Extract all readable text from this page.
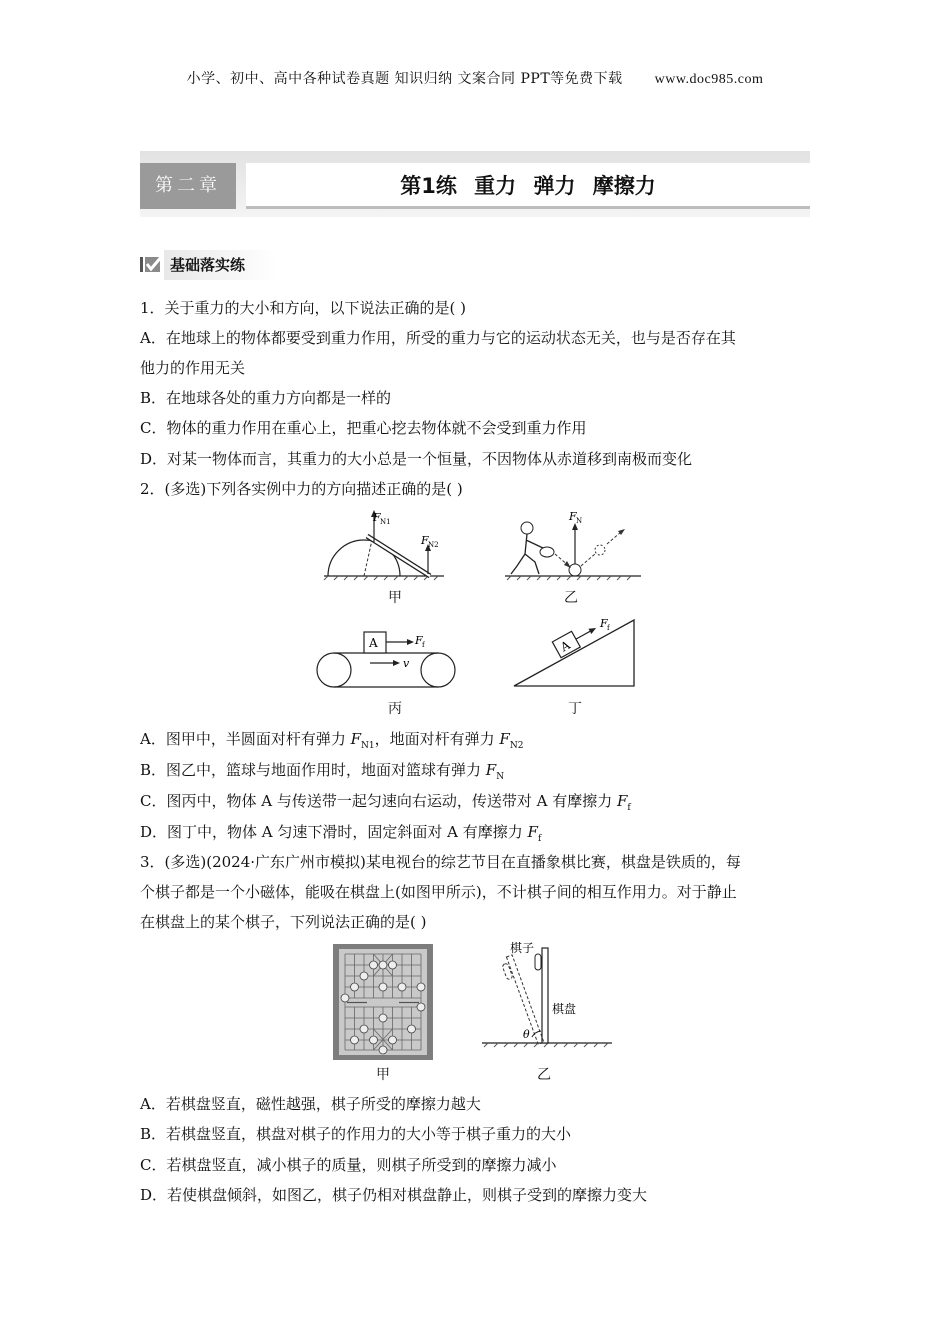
小学、初中、高中各种试卷真题 知识归纳 文案合同 PPT等免费下载 www.doc985.com
第二章	第1练 重力 弹力 摩擦力
基础落实练
1．关于重力的大小和方向，以下说法正确的是( )
A．在地球上的物体都要受到重力作用，所受的重力与它的运动状态无关，也与是否存在其
他力的作用无关
B．在地球各处的重力方向都是一样的
C．物体的重力作用在重心上，把重心挖去物体就不会受到重力作用
D．对某一物体而言，其重力的大小总是一个恒量，不因物体从赤道移到南极而变化
2．(多选)下列各实例中力的方向描述正确的是( )
F N1
F N2
甲
F N
乙
A	F f
v
丙
A
F f
丁
A．图甲中，半圆面对杆有弹力 $F_{N1}$，地面对杆有弹力 $F_{N2}$
B．图乙中，篮球与地面作用时，地面对篮球有弹力 $F_N$
C．图丙中，物体 A 与传送带一起匀速向右运动，传送带对 A 有摩擦力 $F_f$
D．图丁中，物体 A 匀速下滑时，固定斜面对 A 有摩擦力 $F_f$
3．(多选)(2024·广东广州市模拟)某电视台的综艺节目在直播象棋比赛，棋盘是铁质的，每
个棋子都是一个小磁体，能吸在棋盘上(如图甲所示)，不计棋子间的相互作用力。对于静止
在棋盘上的某个棋子，下列说法正确的是( )
甲
棋子
棋盘
θ
乙
A．若棋盘竖直，磁性越强，棋子所受的摩擦力越大
B．若棋盘竖直，棋盘对棋子的作用力的大小等于棋子重力的大小
C．若棋盘竖直，减小棋子的质量，则棋子所受到的摩擦力减小
D．若使棋盘倾斜，如图乙，棋子仍相对棋盘静止，则棋子受到的摩擦力变大
